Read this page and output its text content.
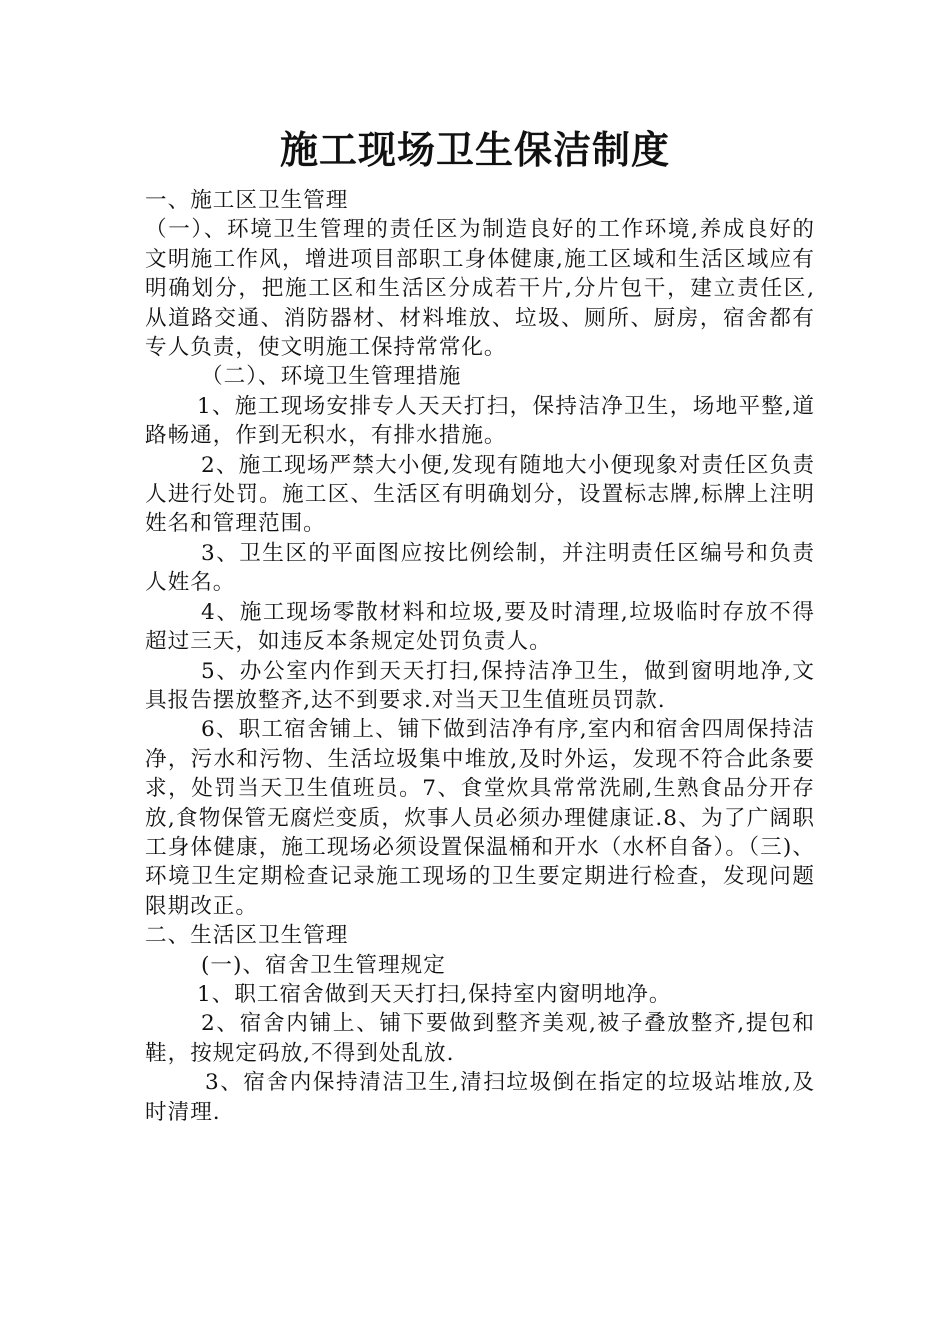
施工现场卫生保洁制度

一、施工区卫生管理

（一）、环境卫生管理的责任区为制造良好的工作环境,养成良好的文明施工作风，增进项目部职工身体健康,施工区域和生活区域应有明确划分，把施工区和生活区分成若干片,分片包干，建立责任区,从道路交通、消防器材、材料堆放、垃圾、厕所、厨房，宿舍都有专人负责，使文明施工保持常常化。

（二）、环境卫生管理措施

1、施工现场安排专人天天打扫，保持洁净卫生，场地平整,道路畅通，作到无积水，有排水措施。

2、施工现场严禁大小便,发现有随地大小便现象对责任区负责人进行处罚。施工区、生活区有明确划分，设置标志牌,标牌上注明姓名和管理范围。

3、卫生区的平面图应按比例绘制，并注明责任区编号和负责人姓名。

4、施工现场零散材料和垃圾,要及时清理,垃圾临时存放不得超过三天，如违反本条规定处罚负责人。

5、办公室内作到天天打扫,保持洁净卫生，做到窗明地净,文具报告摆放整齐,达不到要求.对当天卫生值班员罚款.

6、职工宿舍铺上、铺下做到洁净有序,室内和宿舍四周保持洁净，污水和污物、生活垃圾集中堆放,及时外运，发现不符合此条要求，处罚当天卫生值班员。7、食堂炊具常常洗刷,生熟食品分开存放,食物保管无腐烂变质，炊事人员必须办理健康证.8、为了广阔职工身体健康，施工现场必须设置保温桶和开水（水杯自备）。（三)、环境卫生定期检查记录施工现场的卫生要定期进行检查，发现问题限期改正。

二、生活区卫生管理

(一)、宿舍卫生管理规定

1、职工宿舍做到天天打扫,保持室内窗明地净。

2、宿舍内铺上、铺下要做到整齐美观,被子叠放整齐,提包和鞋，按规定码放,不得到处乱放.

3、宿舍内保持清洁卫生,清扫垃圾倒在指定的垃圾站堆放,及时清理.
